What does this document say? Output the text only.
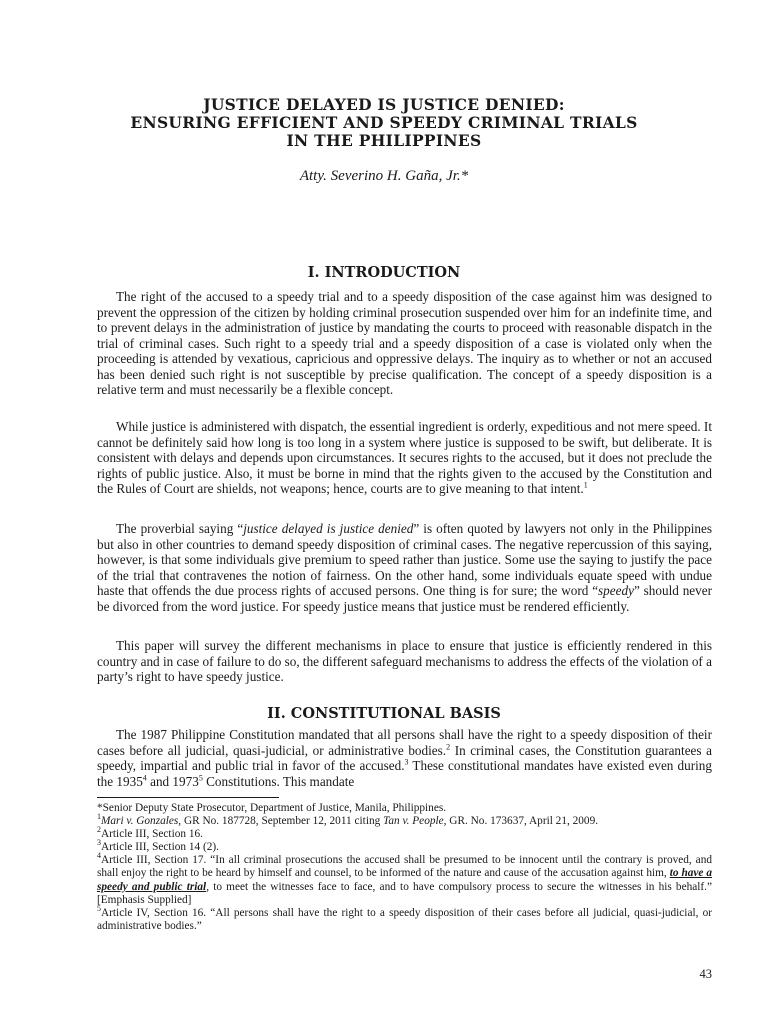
JUSTICE DELAYED IS JUSTICE DENIED:
ENSURING EFFICIENT AND SPEEDY CRIMINAL TRIALS
IN THE PHILIPPINES
Atty. Severino H. Gaña, Jr.*
I. INTRODUCTION

The right of the accused to a speedy trial and to a speedy disposition of the case against him was designed to prevent the oppression of the citizen by holding criminal prosecution suspended over him for an indefinite time, and to prevent delays in the administration of justice by mandating the courts to proceed with reasonable dispatch in the trial of criminal cases. Such right to a speedy trial and a speedy disposition of a case is violated only when the proceeding is attended by vexatious, capricious and oppressive delays. The inquiry as to whether or not an accused has been denied such right is not susceptible by precise qualification. The concept of a speedy disposition is a relative term and must necessarily be a flexible concept.

While justice is administered with dispatch, the essential ingredient is orderly, expeditious and not mere speed. It cannot be definitely said how long is too long in a system where justice is supposed to be swift, but deliberate. It is consistent with delays and depends upon circumstances. It secures rights to the accused, but it does not preclude the rights of public justice. Also, it must be borne in mind that the rights given to the accused by the Constitution and the Rules of Court are shields, not weapons; hence, courts are to give meaning to that intent.$^1$

The proverbial saying “justice delayed is justice denied” is often quoted by lawyers not only in the Philippines but also in other countries to demand speedy disposition of criminal cases. The negative repercussion of this saying, however, is that some individuals give premium to speed rather than justice. Some use the saying to justify the pace of the trial that contravenes the notion of fairness. On the other hand, some individuals equate speed with undue haste that offends the due process rights of accused persons. One thing is for sure; the word “speedy” should never be divorced from the word justice. For speedy justice means that justice must be rendered efficiently.

This paper will survey the different mechanisms in place to ensure that justice is efficiently rendered in this country and in case of failure to do so, the different safeguard mechanisms to address the effects of the violation of a party’s right to have speedy justice.

II. CONSTITUTIONAL BASIS

The 1987 Philippine Constitution mandated that all persons shall have the right to a speedy disposition of their cases before all judicial, quasi-judicial, or administrative bodies.$^2$ In criminal cases, the Constitution guarantees a speedy, impartial and public trial in favor of the accused.$^3$ These constitutional mandates have existed even during the 1935$^4$ and 1973$^5$ Constitutions. This mandate

*Senior Deputy State Prosecutor, Department of Justice, Manila, Philippines.

$^1$Mari v. Gonzales, GR No. 187728, September 12, 2011 citing Tan v. People, GR. No. 173637, April 21, 2009.

$^2$Article III, Section 16.

$^3$Article III, Section 14 (2).

$^4$Article III, Section 17. “In all criminal prosecutions the accused shall be presumed to be innocent until the contrary is proved, and shall enjoy the right to be heard by himself and counsel, to be informed of the nature and cause of the accusation against him, to have a speedy and public trial, to meet the witnesses face to face, and to have compulsory process to secure the witnesses in his behalf.” [Emphasis Supplied]

$^5$Article IV, Section 16. “All persons shall have the right to a speedy disposition of their cases before all judicial, quasi-judicial, or administrative bodies.”

43
